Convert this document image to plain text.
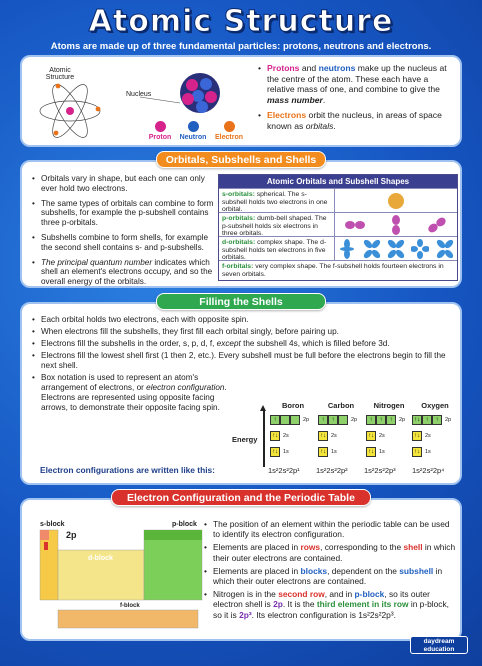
Atomic Structure
Atoms are made up of three fundamental particles: protons, neutrons and electrons.
Atomic Structure
Nucleus
Proton	Neutron	Electron
• Protons and neutrons make up the nucleus at the centre of the atom. These each have a relative mass of one, and combine to give the mass number.
• Electrons orbit the nucleus, in areas of space known as orbitals.
Orbitals, Subshells and Shells
• Orbitals vary in shape, but each one can only ever hold two electrons.
• The same types of orbitals can combine to form subshells, for example the p-subshell contains three p-orbitals.
• Subshells combine to form shells, for example the second shell contains s- and p-subshells.
• The principal quantum number indicates which shell an element's electrons occupy, and so the overall energy of the orbitals.
Atomic Orbitals and Subshell Shapes
s-orbitals: spherical. The s-subshell holds two electrons in one orbital.
p-orbitals: dumb-bell shaped. The p-subshell holds six electrons in three orbitals.
d-orbitals: complex shape. The d-subshell holds ten electrons in five orbitals.
f-orbitals: very complex shape. The f-subshell holds fourteen electrons in seven orbitals.
Filling the Shells
• Each orbital holds two electrons, each with opposite spin.
• When electrons fill the subshells, they first fill each orbital singly, before pairing up.
• Electrons fill the subshells in the order, s, p, d, f, except the subshell 4s, which is filled before 3d.
• Electrons fill the lowest shell first (1 then 2, etc.). Every subshell must be full before the electrons begin to fill the next shell.
• Box notation is used to represent an atom's arrangement of electrons, or electron configuration. Electrons are represented using opposite facing arrows, to demonstrate their opposite facing spin.
Energy
Boron
↑	2p
↑↓ 2s
↑↓ 1s
Carbon
↑	↑	2p
↑↓ 2s
↑↓ 1s
Nitrogen
↑	↑	↑	2p
↑↓ 2s
↑↓ 1s
Oxygen
↑↓ ↑	↑	2p
↑↓ 2s
↑↓ 1s
Electron configurations are written like this:	1s²2s²2p¹ 1s²2s²2p² 1s²2s²2p³ 1s²2s²2p⁴
Electron Configuration and the Periodic Table
s-block	p-block
d-block
2p
f-block
• The position of an element within the periodic table can be used to identify its electron configuration.
• Elements are placed in rows, corresponding to the shell in which their outer electrons are contained.
• Elements are placed in blocks, dependent on the subshell in which their outer electrons are contained.
• Nitrogen is in the second row, and in p-block, so its outer electron shell is 2p. It is the third element in its row in p-block, so it is 2p³. Its electron configuration is 1s²2s²2p³.
daydream education
